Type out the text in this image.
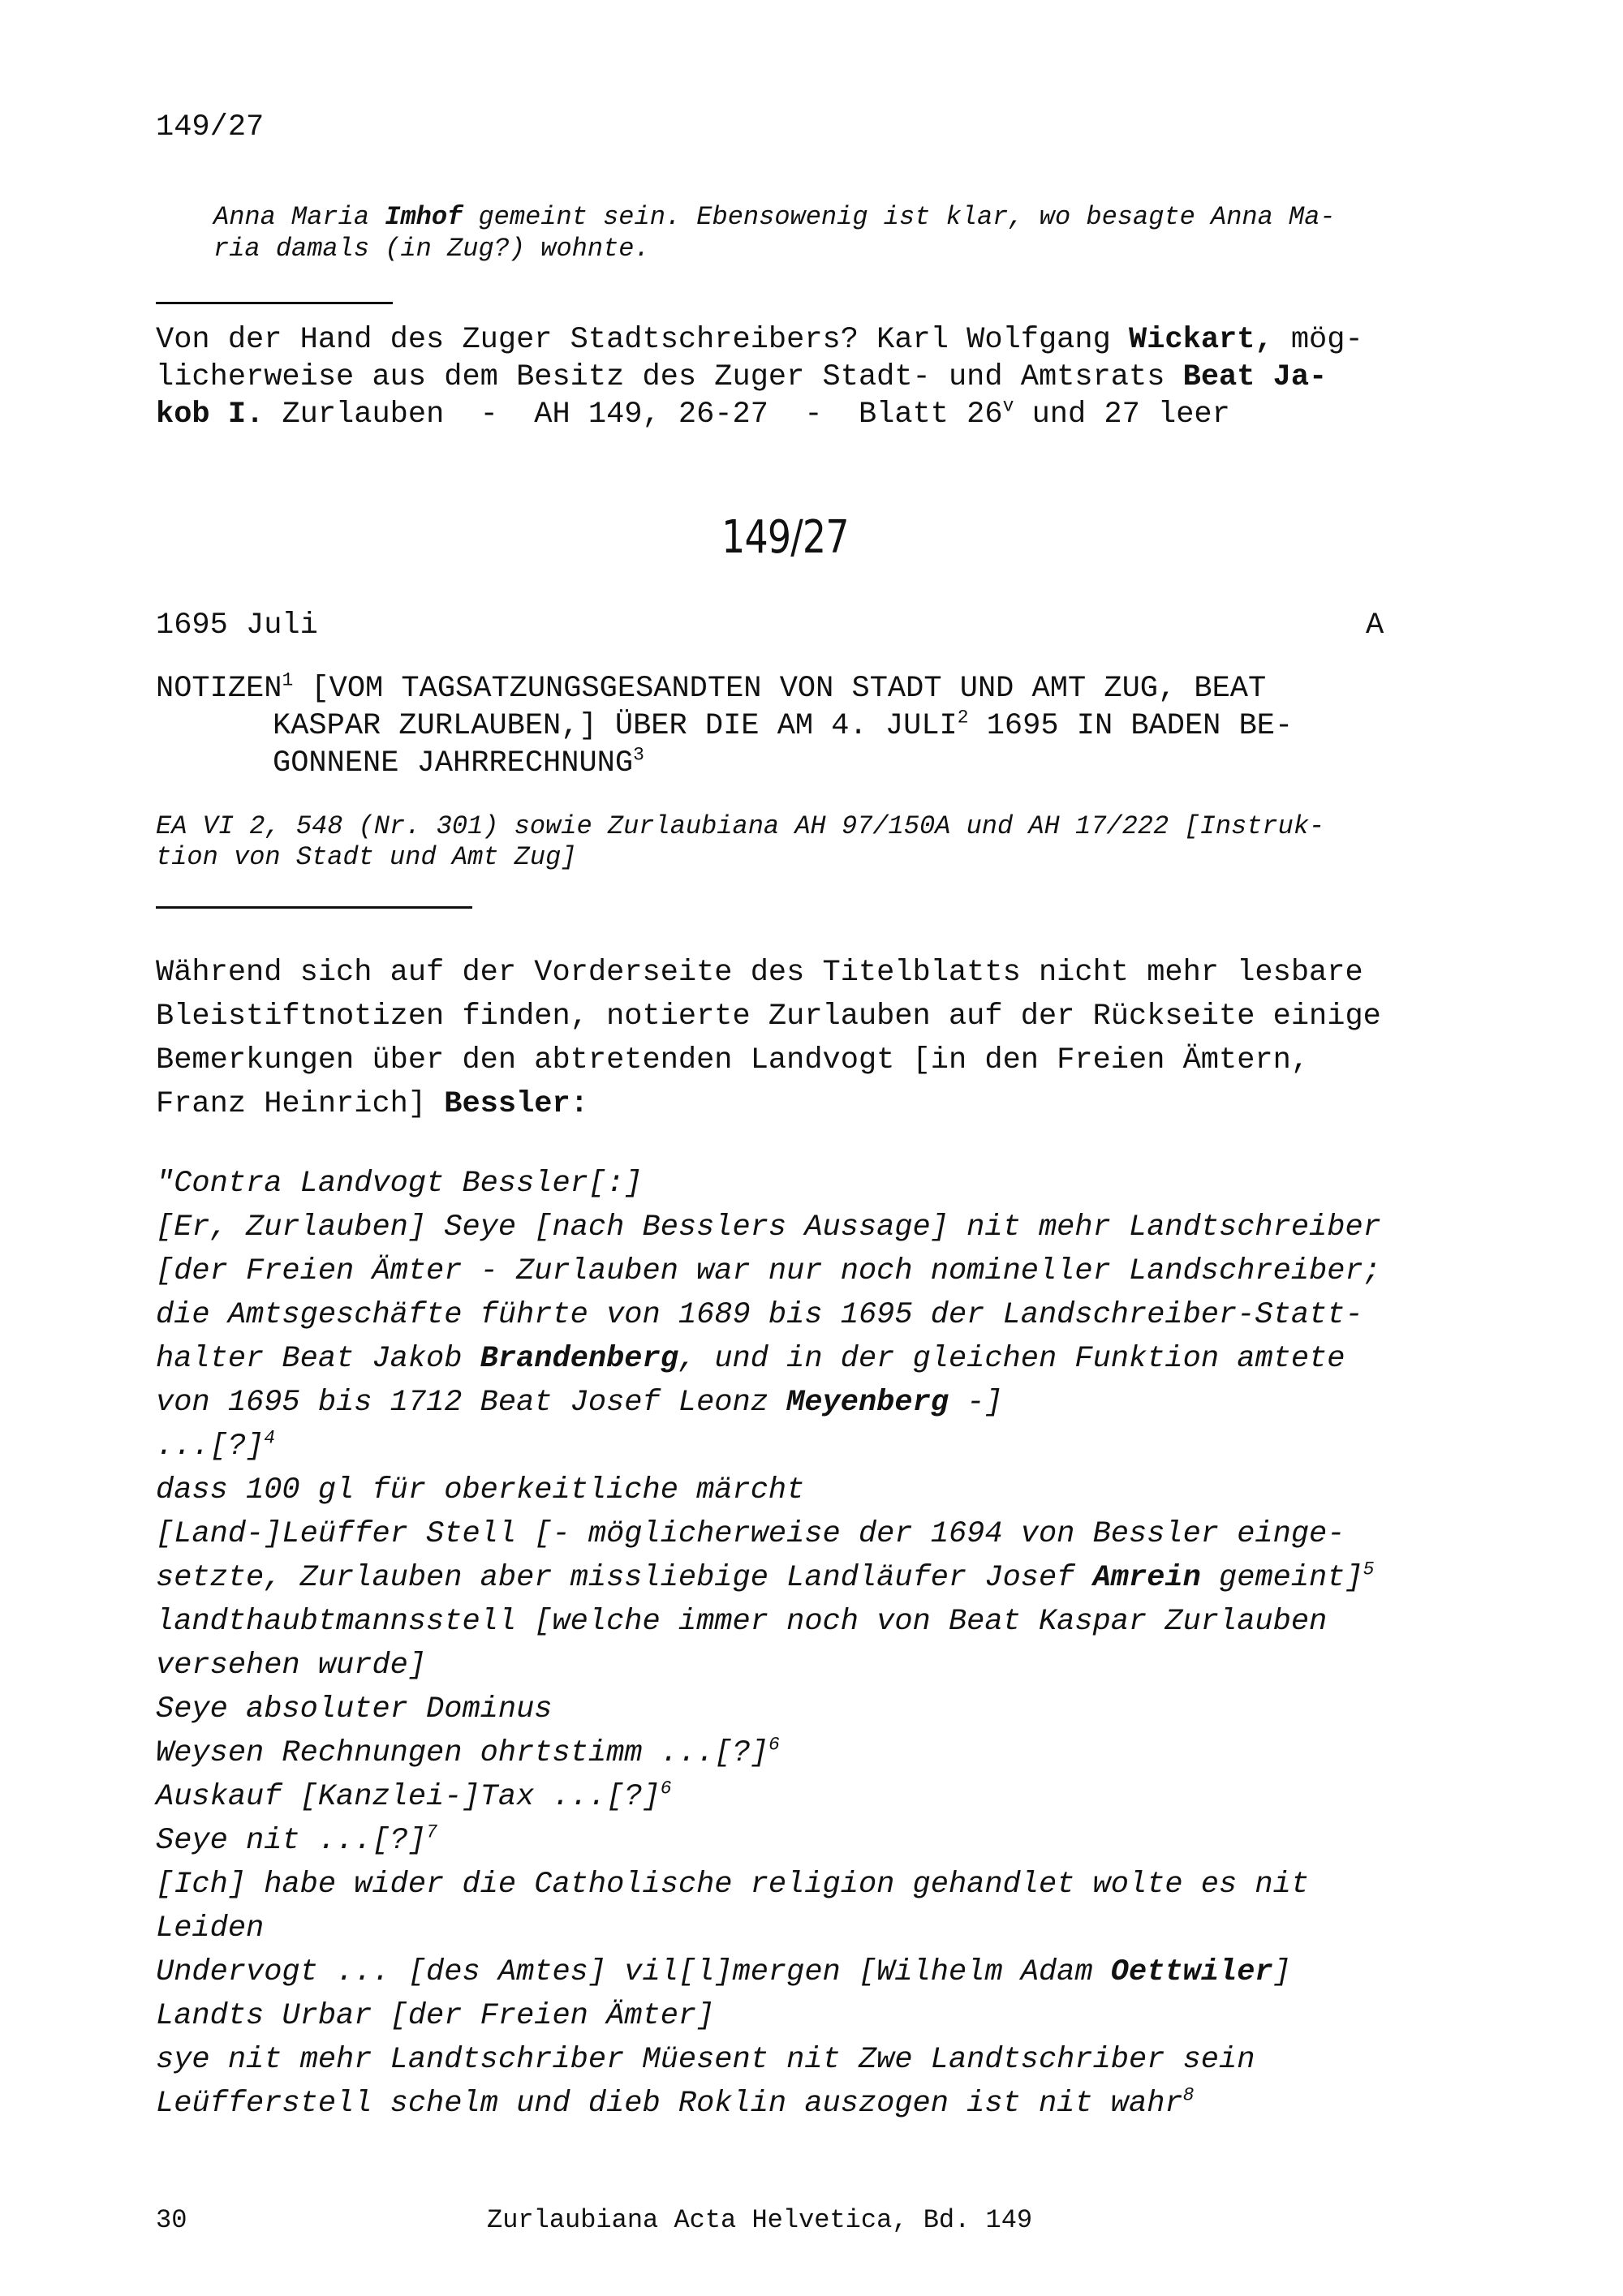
149/27
Anna Maria Imhof gemeint sein. Ebensowenig ist klar, wo besagte Anna Ma-
ria damals (in Zug?) wohnte.
Von der Hand des Zuger Stadtschreibers? Karl Wolfgang Wickart, mög-
licherweise aus dem Besitz des Zuger Stadt- und Amtsrats Beat Ja-
kob I. Zurlauben  -  AH 149, 26-27  -  Blatt 26$^v$ und 27 leer
149/27
1695 Juli	A
NOTIZEN$^1$ [VOM TAGSATZUNGSGESANDTEN VON STADT UND AMT ZUG, BEAT
KASPAR ZURLAUBEN,] ÜBER DIE AM 4. JULI$^2$ 1695 IN BADEN BE-
GONNENE JAHRRECHNUNG$^3$
EA VI 2, 548 (Nr. 301) sowie Zurlaubiana AH 97/150A und AH 17/222 [Instruk-
tion von Stadt und Amt Zug]
Während sich auf der Vorderseite des Titelblatts nicht mehr lesbare
Bleistiftnotizen finden, notierte Zurlauben auf der Rückseite einige
Bemerkungen über den abtretenden Landvogt [in den Freien Ämtern,
Franz Heinrich] Bessler:
"Contra Landvogt Bessler[:]
[Er, Zurlauben] Seye [nach Besslers Aussage] nit mehr Landtschreiber
[der Freien Ämter - Zurlauben war nur noch nomineller Landschreiber;
die Amtsgeschäfte führte von 1689 bis 1695 der Landschreiber-Statt-
halter Beat Jakob Brandenberg, und in der gleichen Funktion amtete
von 1695 bis 1712 Beat Josef Leonz Meyenberg -]
...[?]$^4$
dass 100 gl für oberkeitliche märcht
[Land-]Leüffer Stell [- möglicherweise der 1694 von Bessler einge-
setzte, Zurlauben aber missliebige Landläufer Josef Amrein gemeint]$^5$
landthaubtmannsstell [welche immer noch von Beat Kaspar Zurlauben
versehen wurde]
Seye absoluter Dominus
Weysen Rechnungen ohrtstimm ...[?]$^6$
Auskauf [Kanzlei-]Tax ...[?]$^6$
Seye nit ...[?]$^7$
[Ich] habe wider die Catholische religion gehandlet wolte es nit
Leiden
Undervogt ... [des Amtes] vil[l]mergen [Wilhelm Adam Oettwiler]
Landts Urbar [der Freien Ämter]
sye nit mehr Landtschriber Müesent nit Zwe Landtschriber sein
Leüfferstell schelm und dieb Roklin auszogen ist nit wahr$^8$
30	Zurlaubiana Acta Helvetica, Bd. 149
